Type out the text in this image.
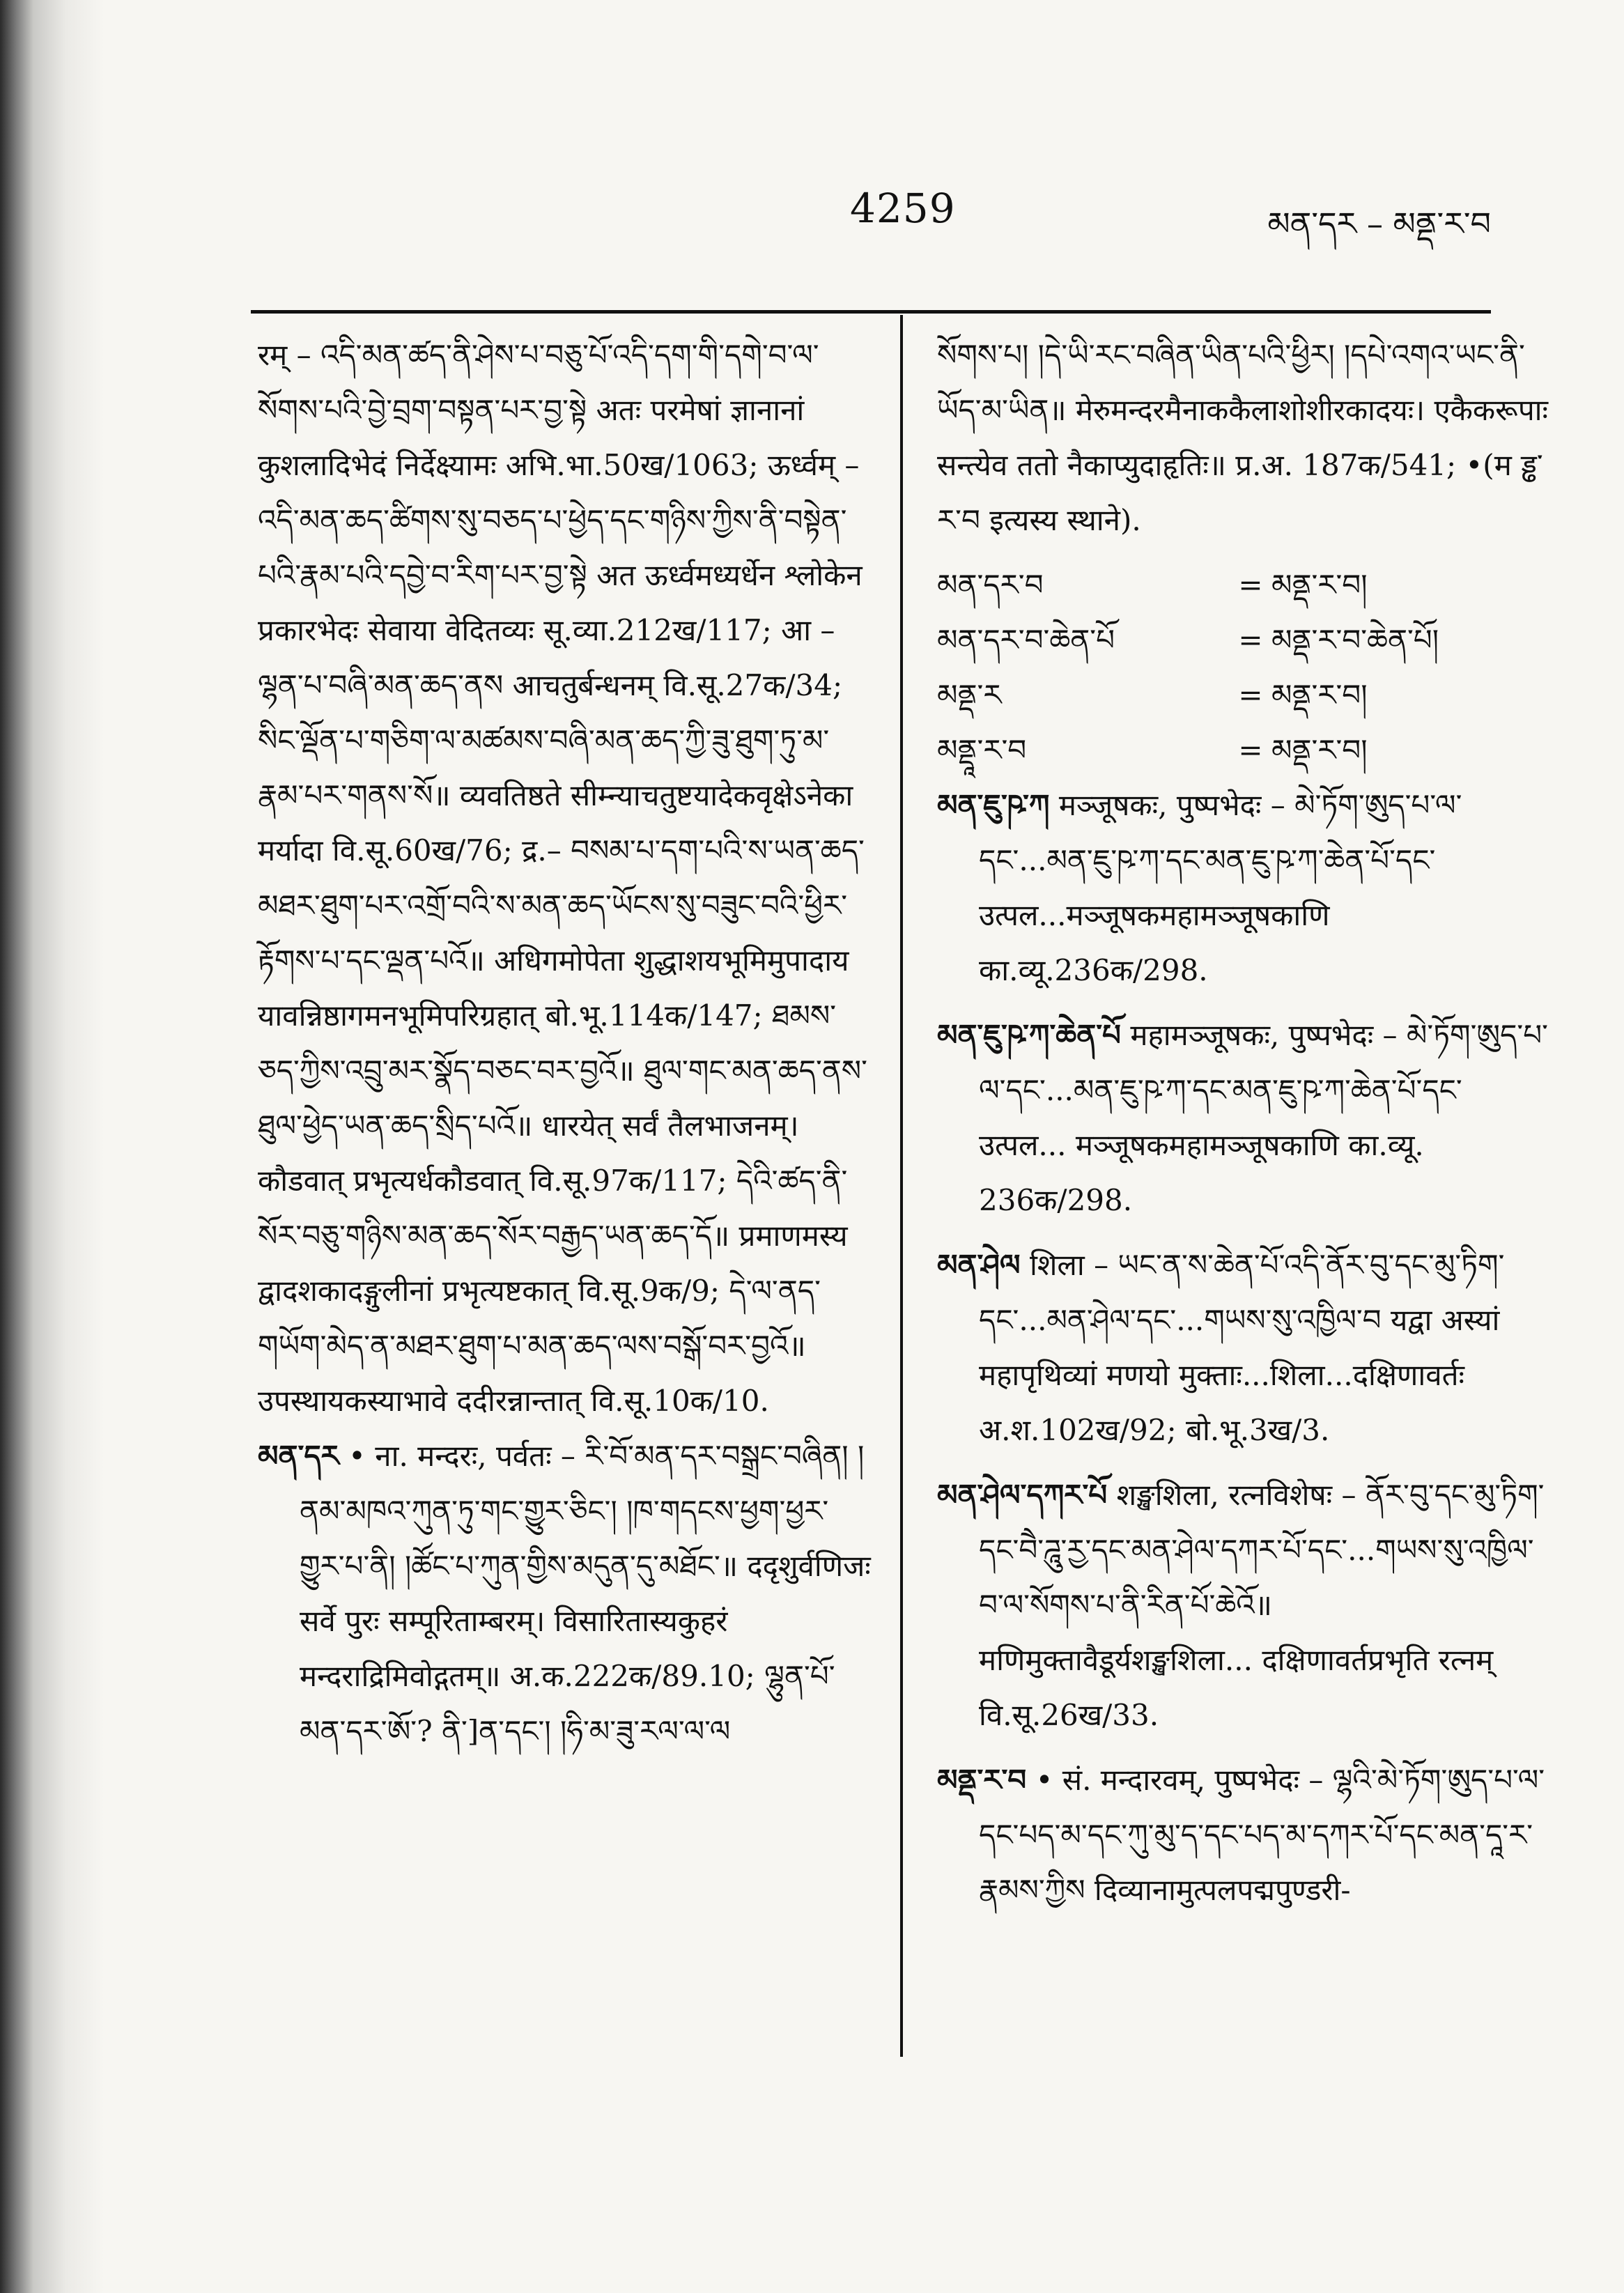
4259	མན་དར – མནྡ་ར་བ

रम् – འདི་མན་ཚད་ནི་ཤེས་པ་བཅུ་པོ་འདི་དག་གི་དགེ་བ་ལ་སོགས་པའི་བྱེ་བྲག་བསྟན་པར་བྱ་སྟེ अतः परमेषां ज्ञानानां कुशलादिभेदं निर्देक्ष्यामः अभि.भा.50ख/1063; ऊर्ध्वम् – འདི་མན་ཆད་ཚིགས་སུ་བཅད་པ་ཕྱེད་དང་གཉིས་ཀྱིས་ནི་བསྟེན་པའི་རྣམ་པའི་དབྱེ་བ་རིག་པར་བྱ་སྟེ अत ऊर्ध्वमध्यर्धेन श्लोकेन प्रकारभेदः सेवाया वेदितव्यः सू.व्या.212ख/117; आ – ལྷན་པ་བཞི་མན་ཆད་ནས आचतुर्बन्धनम् वि.सू.27क/34; སིང་ལྡོན་པ་གཅིག་ལ་མཚམས་བཞི་མན་ཆད་ཀྱི་ཟུ་ཐུག་ཏུ་མ་རྣམ་པར་གནས་སོ॥ व्यवतिष्ठते सीम्न्याचतुष्टयादेकवृक्षेऽनेका मर्यादा वि.सू.60ख/76; द्र.– བསམ་པ་དག་པའི་ས་ཡན་ཆད་མཐར་ཐུག་པར་འགྲོ་བའི་ས་མན་ཆད་ཡོངས་སུ་བཟུང་བའི་ཕྱིར་རྟོགས་པ་དང་ལྡན་པའོ॥ अधिगमोपेता शुद्धाशयभूमिमुपादाय यावन्निष्ठागमनभूमिपरिग्रहात् बो.भू.114क/147; ཐམས་ཅད་ཀྱིས་འབྲུ་མར་སྣོད་བཅང་བར་བྱའོ॥ ཐུལ་གང་མན་ཆད་ནས་ཐུལ་ཕྱེད་ཡན་ཆད་སྲིད་པའོ॥ धारयेत् सर्वं तैलभाजनम्। कौडवात् प्रभृत्यर्धकौडवात् वि.सू.97क/117; དེའི་ཚད་ནི་སོར་བཅུ་གཉིས་མན་ཆད་སོར་བརྒྱད་ཡན་ཆད་དོ॥ प्रमाणमस्य द्वादशकादङ्गुलीनां प्रभृत्यष्टकात् वि.सू.9क/9; དེ་ལ་ནད་གཡོག་མེད་ན་མཐར་ཐུག་པ་མན་ཆད་ལས་བསྒོ་བར་བྱའོ॥ उपस्थायकस्याभावे ददीरन्नान्तात् वि.सू.10क/10.

མན་དར • ना. मन्दरः, पर्वतः – རི་བོ་མན་དར་བསྒྲང་བཞིན། །ནམ་མཁའ་ཀུན་ཏུ་གང་གྱུར་ཅིང་། །ཁ་གདངས་ཕྱག་ཕྱར་གྱུར་པ་ནི། །ཚོང་པ་ཀུན་གྱིས་མདུན་དུ་མཐོང་॥ ददृशुर्वणिजः सर्वे पुरः सम्पूरिताम्बरम्। विसारितास्यकुहरं मन्दराद्रिमिवोद्गतम्॥ अ.क.222क/89.10; ལྷུན་པོ་མན་དར་ཨོ་? ནི་]ན་དང་། །ཧི་མ་ཟུ་རལ་ལ་ལ

སོགས་པ། །དེ་ཡི་རང་བཞིན་ཡིན་པའི་ཕྱིར། །དཔེ་འགའ་ཡང་ནི་ཡོད་མ་ཡིན॥ मेरुमन्दरमैनाककैलाशोशीरकादयः। एकैकरूपाः सन्त्येव ततो नैकाप्युदाहृतिः॥ प्र.अ. 187क/541; •(म ड्ढ་ར་བ इत्यस्य स्थाने).

མན་དར་བ	= མནྡ་ར་བ།
མན་དར་བ་ཆེན་པོ	= མནྡ་ར་བ་ཆེན་པོ།
མནྡ་ར	= མནྡ་ར་བ།
མནྡཱ་ར་བ	= མནྡ་ར་བ།

མན་ཇུ་ཥ་ཀ मञ्जूषकः, पुष्पभेदः – མེ་ཏོག་ཨུད་པ་ལ་དང་...མན་ཇུ་ཥ་ཀ་དང་མན་ཇུ་ཥ་ཀ་ཆེན་པོ་དང་ उत्पल...मञ्जूषकमहामञ्जूषकाणि का.व्यू.236क/298.

མན་ཇུ་ཥ་ཀ་ཆེན་པོ महामञ्जूषकः, पुष्पभेदः – མེ་ཏོག་ཨུད་པ་ལ་དང་...མན་ཇུ་ཥ་ཀ་དང་མན་ཇུ་ཥ་ཀ་ཆེན་པོ་དང་ उत्पल... मञ्जूषकमहामञ्जूषकाणि का.व्यू. 236क/298.

མན་ཤེལ शिला – ཡང་ན་ས་ཆེན་པོ་འདི་ནོར་བུ་དང་མུ་ཏིག་དང་...མན་ཤེལ་དང་...གཡས་སུ་འཁྱིལ་བ यद्वा अस्यां महापृथिव्यां मणयो मुक्ताः...शिला...दक्षिणावर्तः अ.श.102ख/92; बो.भू.3ख/3.

མན་ཤེལ་དཀར་པོ शङ्खशिला, रत्नविशेषः – ནོར་བུ་དང་མུ་ཏིག་དང་བཻ་ཌཱུ་རྱ་དང་མན་ཤེལ་དཀར་པོ་དང་...གཡས་སུ་འཁྱིལ་བ་ལ་སོགས་པ་ནི་རིན་པོ་ཆེའོ॥ मणिमुक्तावैडूर्यशङ्खशिला... दक्षिणावर्तप्रभृति रत्नम् वि.सू.26ख/33.

མནྡ་ར་བ • सं. मन्दारवम्, पुष्पभेदः – ལྷའི་མེ་ཏོག་ཨུད་པ་ལ་དང་པད་མ་དང་ཀུ་མུ་ད་དང་པད་མ་དཀར་པོ་དང་མན་དཱ་ར་རྣམས་ཀྱིས दिव्यानामुत्पलपद्मपुण्डरी-
